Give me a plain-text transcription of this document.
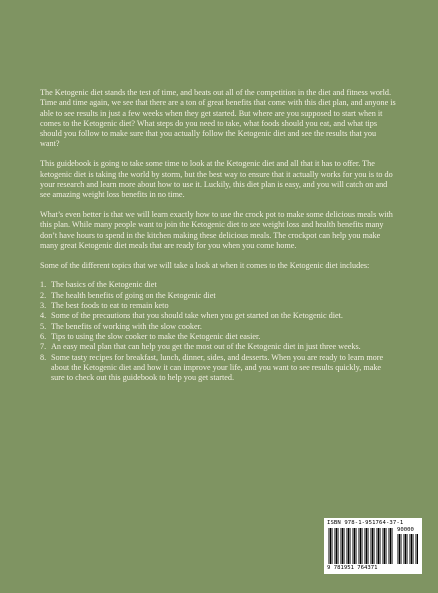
The Ketogenic diet stands the test of time, and beats out all of the competition in the diet and fitness world. Time and time again, we see that there are a ton of great benefits that come with this diet plan, and anyone is able to see results in just a few weeks when they get started. But where are you supposed to start when it comes to the Ketogenic diet? What steps do you need to take, what foods should you eat, and what tips should you follow to make sure that you actually follow the Ketogenic diet and see the results that you want?

This guidebook is going to take some time to look at the Ketogenic diet and all that it has to offer. The ketogenic diet is taking the world by storm, but the best way to ensure that it actually works for you is to do your research and learn more about how to use it. Luckily, this diet plan is easy, and you will catch on and see amazing weight loss benefits in no time.

What’s even better is that we will learn exactly how to use the crock pot to make some delicious meals with this plan. While many people want to join the Ketogenic diet to see weight loss and health benefits many don’t have hours to spend in the kitchen making these delicious meals. The crockpot can help you make many great Ketogenic diet meals that are ready for you when you come home.

Some of the different topics that we will take a look at when it comes to the Ketogenic diet includes:

1. The basics of the Ketogenic diet
2. The health benefits of going on the Ketogenic diet
3. The best foods to eat to remain keto
4. Some of the precautions that you should take when you get started on the Ketogenic diet.
5. The benefits of working with the slow cooker.
6. Tips to using the slow cooker to make the Ketogenic diet easier.
7. An easy meal plan that can help you get the most out of the Ketogenic diet in just three weeks.
8. Some tasty recipes for breakfast, lunch, dinner, sides, and desserts. When you are ready to learn more about the Ketogenic diet and how it can improve your life, and you want to see results quickly, make sure to check out this guidebook to help you get started.
ISBN 978-1-951764-37-1
90000
9 781951 764371
